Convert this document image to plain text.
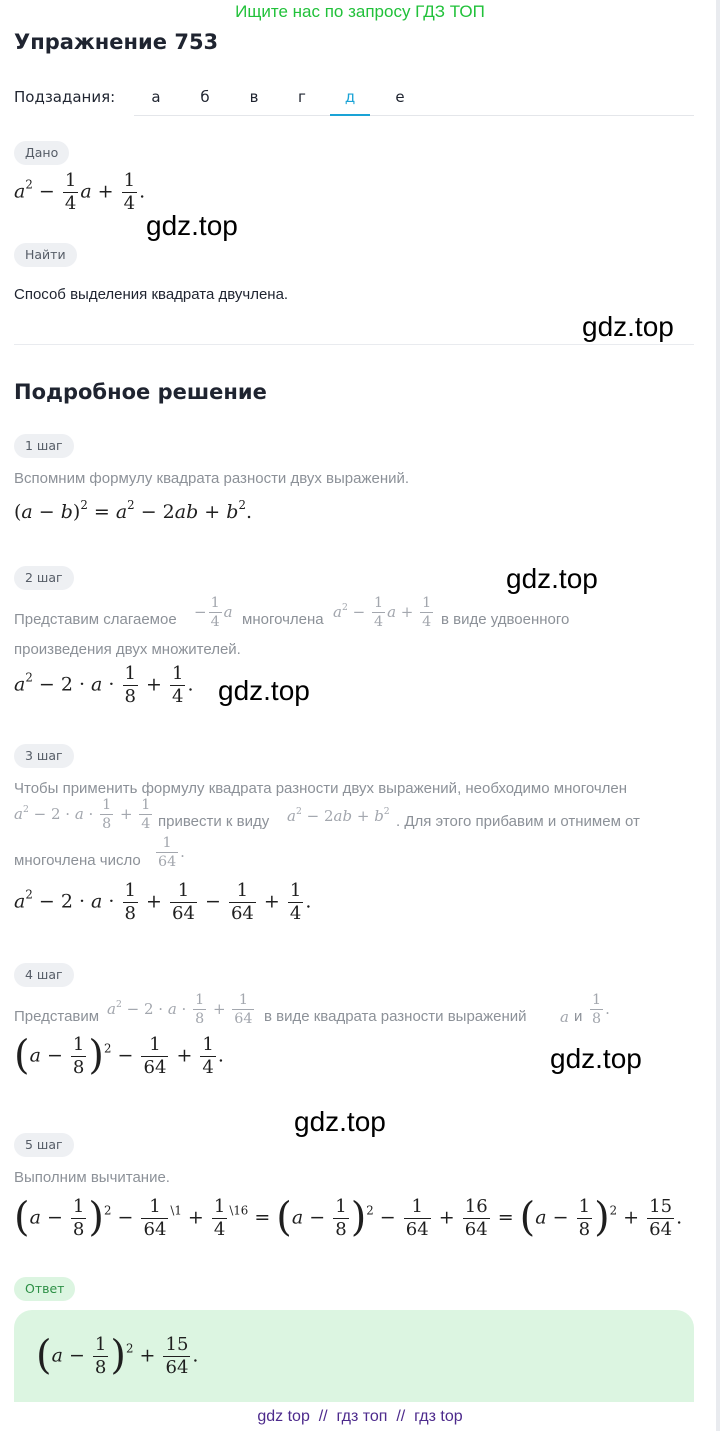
Ищите нас по запросу ГДЗ ТОП
Упражнение 753
Подзадания:	а	б	в	г	д	е
Дано
$a^2 - \frac{1}{4}$ $a + \frac{1}{4}$ .
gdz.top
Найти
Способ выделения квадрата двучлена.
gdz.top
Подробное решение
1 шаг
Вспомним формулу квадрата разности двух выражений.
$(a - b)^2 = a^2 - 2ab + b^2$.
2 шаг	gdz.top
Представим слагаемое − $\frac{1}{4}$ a многочлена $a^2 - \frac{1}{4}$ $a + \frac{1}{4}$ в виде удвоенного
произведения двух множителей.
$a^2 - 2 \cdot a \cdot \frac{1}{8} + \frac{1}{4}$ . gdz.top
3 шаг
Чтобы применить формулу квадрата разности двух выражений, необходимо многочлен
$a^2 - 2 \cdot a \cdot \frac{1}{8} + \frac{1}{4}$ привести к виду $a^2 - 2ab + b^2$
. Для этого прибавим и отнимем от
многочлена число $\frac{1}{64}$ .
$a^2 - 2 \cdot a \cdot \frac{1}{8} + \frac{1}{64} - \frac{1}{64} + \frac{1}{4}$ .
4 шаг
Представим $a^2 - 2 \cdot a \cdot \frac{1}{8} + \frac{1}{64}$ в виде квадрата разности выражений a и $\frac{1}{8}$ .
$(a - \frac{1}{8} )^2 - \frac{1}{64} + \frac{1}{4}$ .	gdz.top
gdz.top
5 шаг
Выполним вычитание.
$(a - \frac{1}{8} )^2 - \frac{1}{64} ^{\backslash 1} + \frac{1}{4} ^{\backslash 16} = (a - \frac{1}{8} )^2 - \frac{1}{64} + \frac{16}{64} = (a - \frac{1}{8} )^2 + \frac{15}{64}$ .
Ответ
$(a - \frac{1}{8} )^2 + \frac{15}{64}$ .
gdz top // гдз топ // гдз top
